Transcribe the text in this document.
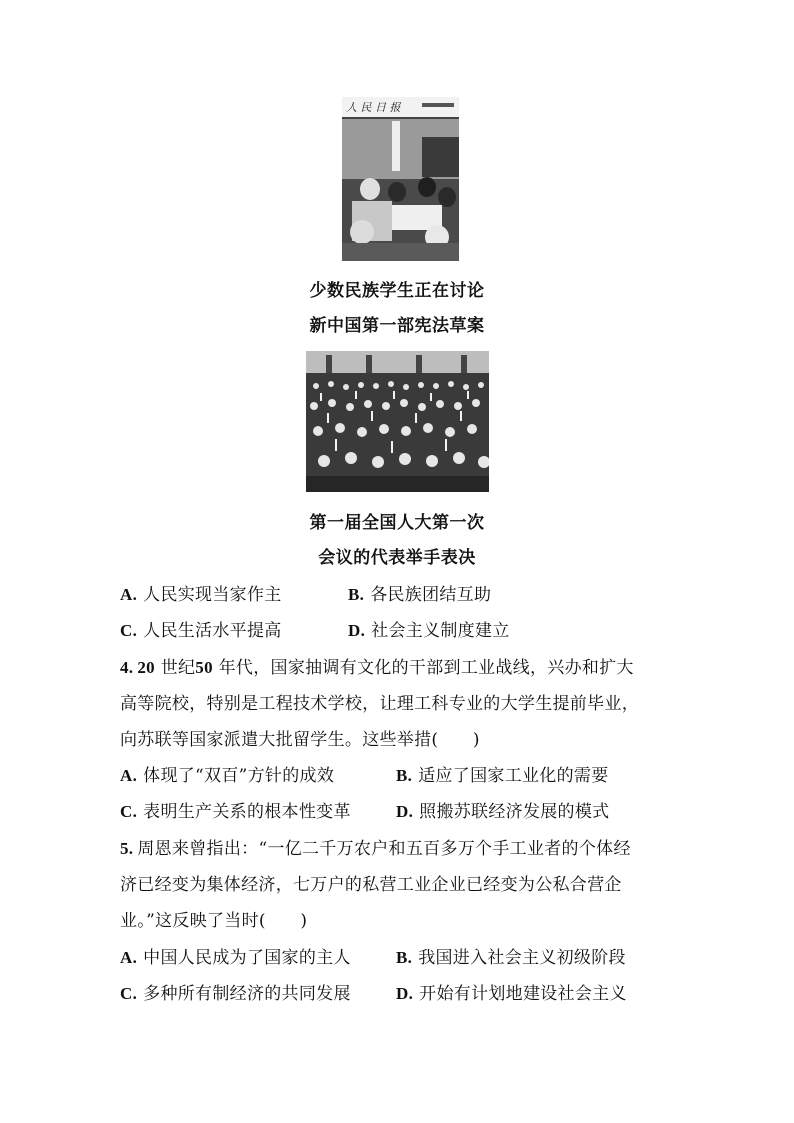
人 民 日 报
少数民族学生正在讨论
新中国第一部宪法草案
第一届全国人大第一次
会议的代表举手表决
A. 人民实现当家作主	B. 各民族团结互助
C. 人民生活水平提高	D. 社会主义制度建立
4. 20 世纪50 年代，国家抽调有文化的干部到工业战线，兴办和扩大
高等院校，特别是工程技术学校，让理工科专业的大学生提前毕业，
向苏联等国家派遣大批留学生。这些举措(　　)
A. 体现了“双百”方针的成效	B. 适应了国家工业化的需要
C. 表明生产关系的根本性变革	D. 照搬苏联经济发展的模式
5. 周恩来曾指出：“一亿二千万农户和五百多万个手工业者的个体经
济已经变为集体经济，七万户的私营工业企业已经变为公私合营企
业。”这反映了当时(　　)
A. 中国人民成为了国家的主人	B. 我国进入社会主义初级阶段
C. 多种所有制经济的共同发展	D. 开始有计划地建设社会主义
